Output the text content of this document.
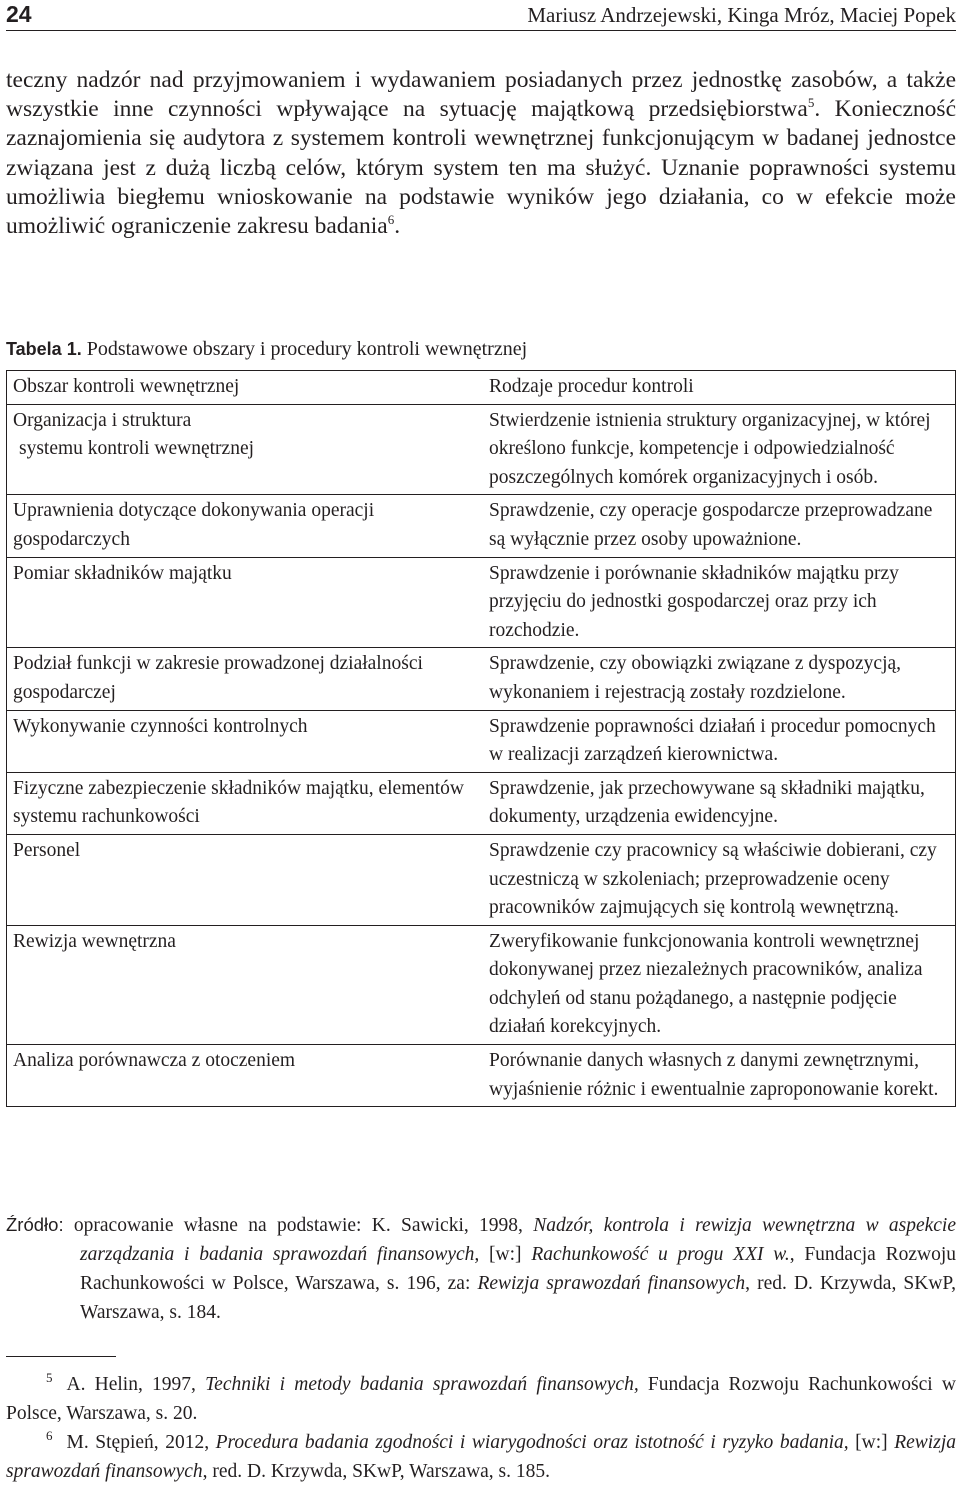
24	Mariusz Andrzejewski, Kinga Mróz, Maciej Popek

teczny nadzór nad przyjmowaniem i wydawaniem posiadanych przez jednostkę zasobów, a także wszystkie inne czynności wpływające na sytuację majątkową przedsiębiorstwa$^5$. Konieczność zaznajomienia się audytora z systemem kontroli wewnętrznej funkcjonującym w badanej jednostce związana jest z dużą liczbą celów, którym system ten ma służyć. Uznanie poprawności systemu umożliwia biegłemu wnioskowanie na podstawie wyników jego działania, co w efekcie może umożliwić ograniczenie zakresu badania$^6$.

Tabela 1. Podstawowe obszary i procedury kontroli wewnętrznej
Obszar kontroli wewnętrznej	Rodzaje procedur kontroli
Organizacja i struktura
systemu kontroli wewnętrznej	Stwierdzenie istnienia struktury organizacyjnej, w której określono funkcje, kompetencje i odpowiedzialność poszczególnych komórek organizacyjnych i osób.
Uprawnienia dotyczące dokonywania operacji gospodarczych	Sprawdzenie, czy operacje gospodarcze przeprowadzane są wyłącznie przez osoby upoważnione.
Pomiar składników majątku	Sprawdzenie i porównanie składników majątku przy przyjęciu do jednostki gospodarczej oraz przy ich rozchodzie.
Podział funkcji w zakresie prowadzonej działalności gospodarczej	Sprawdzenie, czy obowiązki związane z dyspozycją, wykonaniem i rejestracją zostały rozdzielone.
Wykonywanie czynności kontrolnych	Sprawdzenie poprawności działań i procedur pomocnych w realizacji zarządzeń kierownictwa.
Fizyczne zabezpieczenie składników majątku, elementów systemu rachunkowości	Sprawdzenie, jak przechowywane są składniki majątku, dokumenty, urządzenia ewidencyjne.
Personel	Sprawdzenie czy pracownicy są właściwie dobierani, czy uczestniczą w szkoleniach; przeprowadzenie oceny pracowników zajmujących się kontrolą wewnętrzną.
Rewizja wewnętrzna	Zweryfikowanie funkcjonowania kontroli wewnętrznej dokonywanej przez niezależnych pracowników, analiza odchyleń od stanu pożądanego, a następnie podjęcie działań korekcyjnych.
Analiza porównawcza z otoczeniem	Porównanie danych własnych z danymi zewnętrznymi, wyjaśnienie różnic i ewentualnie zaproponowanie korekt.

Źródło: opracowanie własne na podstawie: K. Sawicki, 1998, Nadzór, kontrola i rewizja wewnętrzna w aspekcie zarządzania i badania sprawozdań finansowych, [w:] Rachunkowość u progu XXI w., Fundacja Rozwoju Rachunkowości w Polsce, Warszawa, s. 196, za: Rewizja sprawozdań finansowych, red. D. Krzywda, SKwP, Warszawa, s. 184.

$^5$ A. Helin, 1997, Techniki i metody badania sprawozdań finansowych, Fundacja Rozwoju Rachunkowości w Polsce, Warszawa, s. 20.

$^6$ M. Stępień, 2012, Procedura badania zgodności i wiarygodności oraz istotność i ryzyko badania, [w:] Rewizja sprawozdań finansowych, red. D. Krzywda, SKwP, Warszawa, s. 185.
